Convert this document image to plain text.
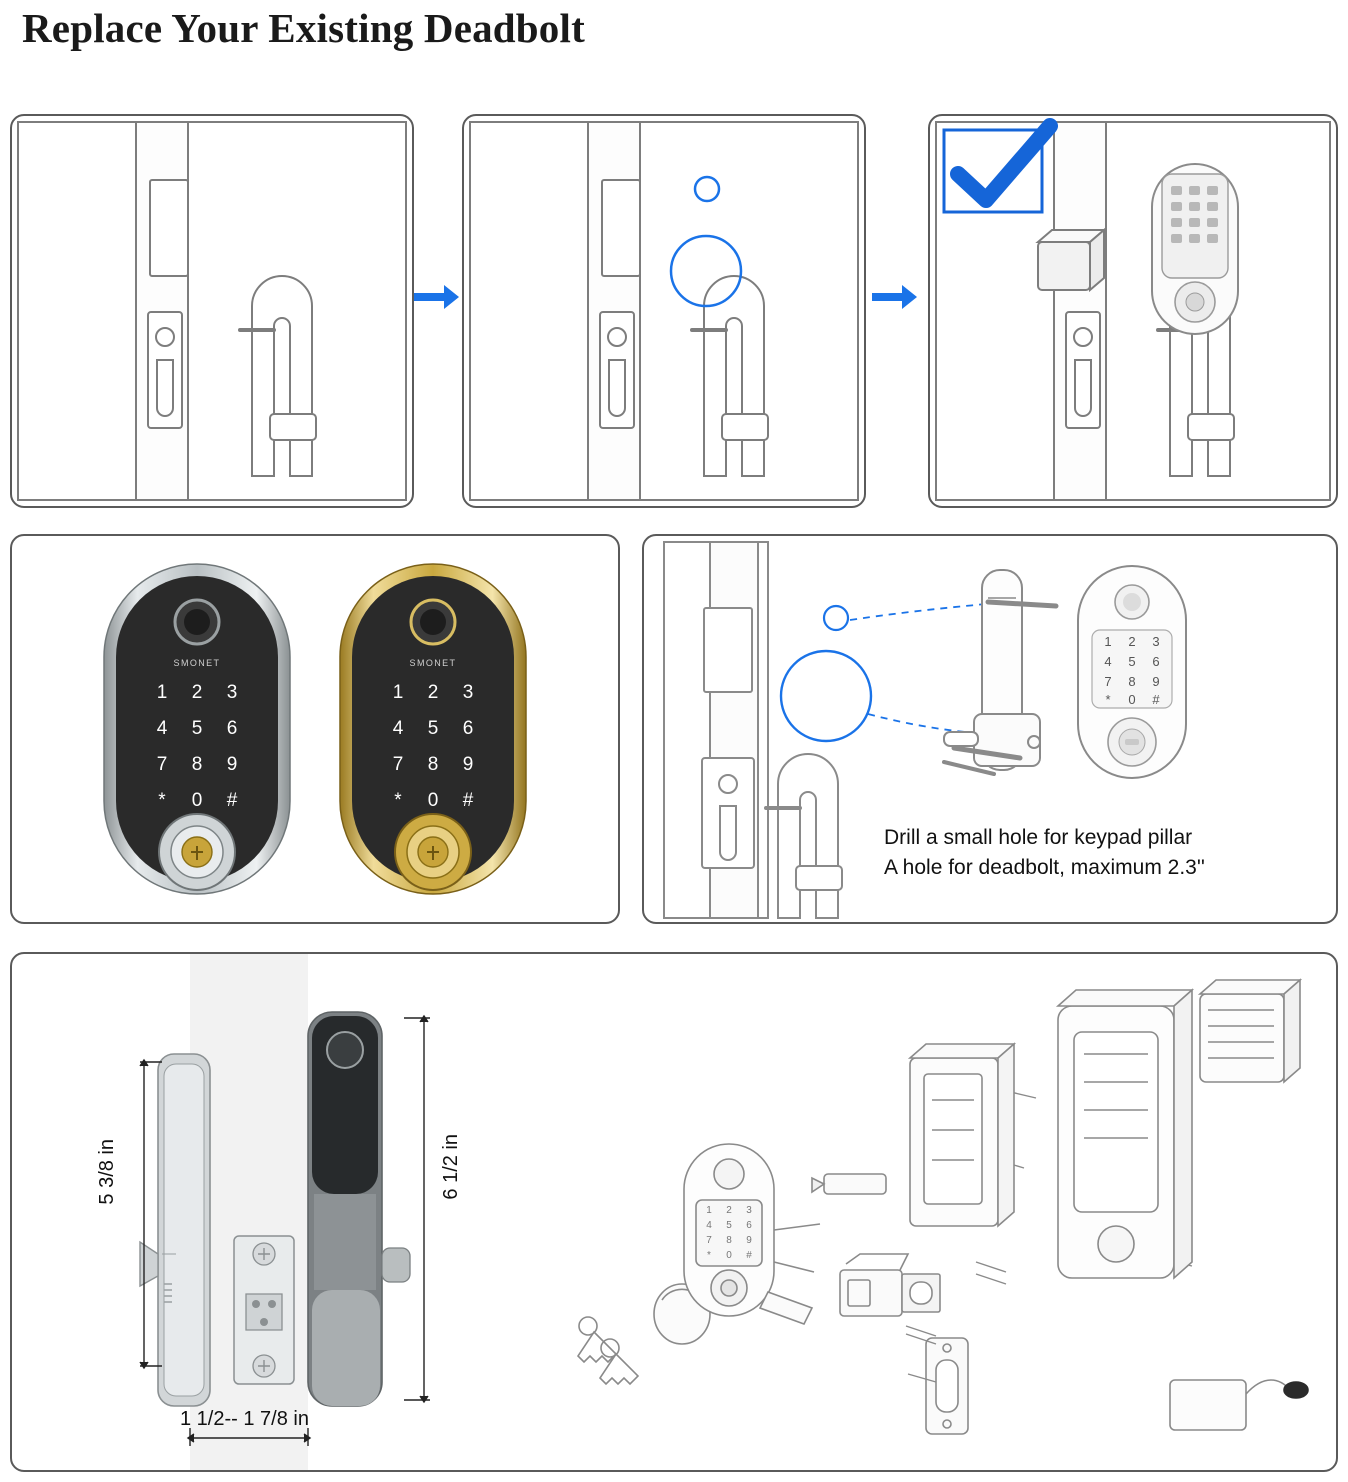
Replace Your Existing Deadbolt
SMONET
1 2 3
4 5 6
7 8 9
* 0 #
SMONET
1 2 3
4 5 6
7 8 9
* 0 #
1 2 3
4 5 6
7 8 9
* 0 #
Drill a small hole for keypad pillar
A hole for deadbolt, maximum 2.3''
5 3/8 in	6 1/2 in
1 1/2-- 1 7/8 in
1 2 3
4 5 6
7 8 9
* 0 #
